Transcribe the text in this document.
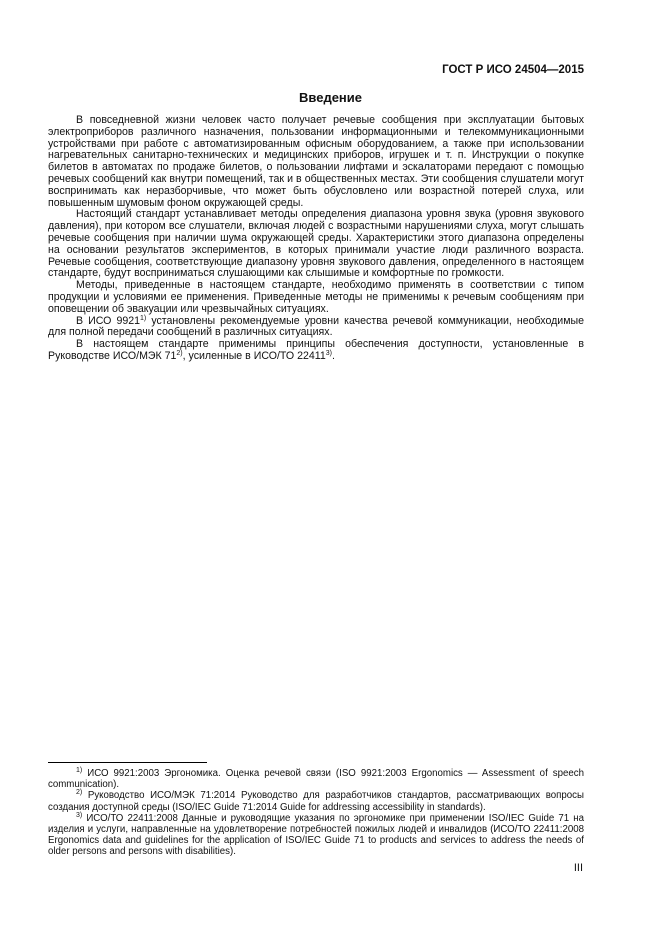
ГОСТ Р ИСО 24504—2015
Введение

В повседневной жизни человек часто получает речевые сообщения при эксплуатации бытовых электроприборов различного назначения, пользовании информационными и телекоммуникационными устройствами при работе с автоматизированным офисным оборудованием, а также при использовании нагревательных санитарно-технических и медицинских приборов, игрушек и т. п. Инструкции о покупке билетов в автоматах по продаже билетов, о пользовании лифтами и эскалаторами передают с помощью речевых сообщений как внутри помещений, так и в общественных местах. Эти сообщения слушатели могут воспринимать как неразборчивые, что может быть обусловлено или возрастной потерей слуха, или повышенным шумовым фоном окружающей среды.

Настоящий стандарт устанавливает методы определения диапазона уровня звука (уровня звукового давления), при котором все слушатели, включая людей с возрастными нарушениями слуха, могут слышать речевые сообщения при наличии шума окружающей среды. Характеристики этого диапазона определены на основании результатов экспериментов, в которых принимали участие люди различного возраста. Речевые сообщения, соответствующие диапазону уровня звукового давления, определенного в настоящем стандарте, будут восприниматься слушающими как слышимые и комфортные по громкости.

Методы, приведенные в настоящем стандарте, необходимо применять в соответствии с типом продукции и условиями ее применения. Приведенные методы не применимы к речевым сообщениям при оповещении об эвакуации или чрезвычайных ситуациях.

В ИСО 9921$^{1)}$ установлены рекомендуемые уровни качества речевой коммуникации, необходимые для полной передачи сообщений в различных ситуациях.

В настоящем стандарте применимы принципы обеспечения доступности, установленные в Руководстве ИСО/МЭК 71$^{2)}$, усиленные в ИСО/ТО 22411$^{3)}$.

$^{1)}$ ИСО 9921:2003 Эргономика. Оценка речевой связи (ISO 9921:2003 Ergonomics — Assessment of speech communication).

$^{2)}$ Руководство ИСО/МЭК 71:2014 Руководство для разработчиков стандартов, рассматривающих вопросы создания доступной среды (ISO/IEC Guide 71:2014 Guide for addressing accessibility in standards).

$^{3)}$ ИСО/ТО 22411:2008 Данные и руководящие указания по эргономике при применении ISO/IEC Guide 71 на изделия и услуги, направленные на удовлетворение потребностей пожилых людей и инвалидов (ИСО/ТО 22411:2008 Ergonomics data and guidelines for the application of ISO/IEC Guide 71 to products and services to address the needs of older persons and persons with disabilities).

III
